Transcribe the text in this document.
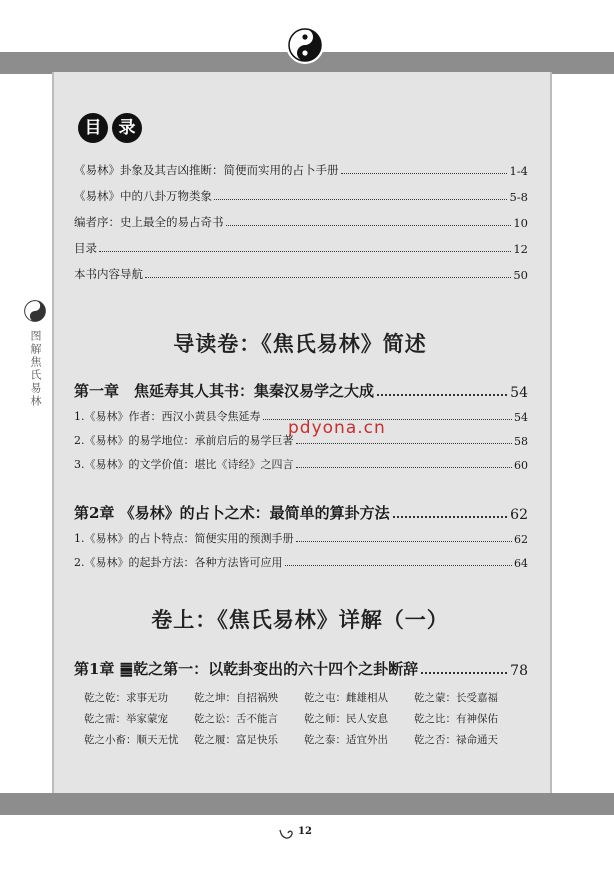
图解焦氏易林
目	录
《易林》卦象及其吉凶推断：简便而实用的占卜手册	1-4
《易林》中的八卦万物类象	5-8
编者序：史上最全的易占奇书	10
目录	12
本书内容导航	50
导读卷：《焦氏易林》简述
第一章　焦延寿其人其书：集秦汉易学之大成	54
1.《易林》作者：西汉小黄县令焦延寿	54
2.《易林》的易学地位：承前启后的易学巨著	58
3.《易林》的文学价值：堪比《诗经》之四言	60
pdyona.cn
第2章 《易林》的占卜之术：最简单的算卦方法	62
1.《易林》的占卜特点：简便实用的预测手册	62
2.《易林》的起卦方法：各种方法皆可应用	64
卷上：《焦氏易林》详解（一）
第1章 ䷀乾之第一：以乾卦变出的六十四个之卦断辞	78
乾之乾：求事无功	乾之坤：自招祸殃	乾之屯：雌雄相从	乾之蒙：长受嘉福
乾之需：举家蒙宠	乾之讼：舌不能言	乾之师：民人安息	乾之比：有神保佑
乾之小畜：顺天无忧	乾之履：富足快乐	乾之泰：适宜外出	乾之否：禄命通天
12
